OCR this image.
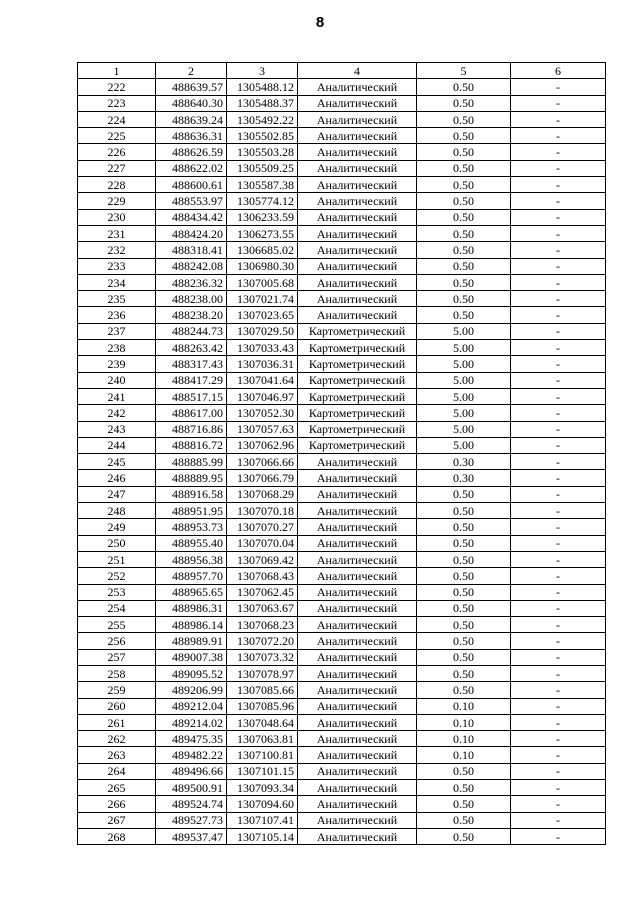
8
1	2	3	4	5	6
222	488639.57	1305488.12	Аналитический	0.50	-
223	488640.30	1305488.37	Аналитический	0.50	-
224	488639.24	1305492.22	Аналитический	0.50	-
225	488636.31	1305502.85	Аналитический	0.50	-
226	488626.59	1305503.28	Аналитический	0.50	-
227	488622.02	1305509.25	Аналитический	0.50	-
228	488600.61	1305587.38	Аналитический	0.50	-
229	488553.97	1305774.12	Аналитический	0.50	-
230	488434.42	1306233.59	Аналитический	0.50	-
231	488424.20	1306273.55	Аналитический	0.50	-
232	488318.41	1306685.02	Аналитический	0.50	-
233	488242.08	1306980.30	Аналитический	0.50	-
234	488236.32	1307005.68	Аналитический	0.50	-
235	488238.00	1307021.74	Аналитический	0.50	-
236	488238.20	1307023.65	Аналитический	0.50	-
237	488244.73	1307029.50	Картометрический	5.00	-
238	488263.42	1307033.43	Картометрический	5.00	-
239	488317.43	1307036.31	Картометрический	5.00	-
240	488417.29	1307041.64	Картометрический	5.00	-
241	488517.15	1307046.97	Картометрический	5.00	-
242	488617.00	1307052.30	Картометрический	5.00	-
243	488716.86	1307057.63	Картометрический	5.00	-
244	488816.72	1307062.96	Картометрический	5.00	-
245	488885.99	1307066.66	Аналитический	0.30	-
246	488889.95	1307066.79	Аналитический	0.30	-
247	488916.58	1307068.29	Аналитический	0.50	-
248	488951.95	1307070.18	Аналитический	0.50	-
249	488953.73	1307070.27	Аналитический	0.50	-
250	488955.40	1307070.04	Аналитический	0.50	-
251	488956.38	1307069.42	Аналитический	0.50	-
252	488957.70	1307068.43	Аналитический	0.50	-
253	488965.65	1307062.45	Аналитический	0.50	-
254	488986.31	1307063.67	Аналитический	0.50	-
255	488986.14	1307068.23	Аналитический	0.50	-
256	488989.91	1307072.20	Аналитический	0.50	-
257	489007.38	1307073.32	Аналитический	0.50	-
258	489095.52	1307078.97	Аналитический	0.50	-
259	489206.99	1307085.66	Аналитический	0.50	-
260	489212.04	1307085.96	Аналитический	0.10	-
261	489214.02	1307048.64	Аналитический	0.10	-
262	489475.35	1307063.81	Аналитический	0.10	-
263	489482.22	1307100.81	Аналитический	0.10	-
264	489496.66	1307101.15	Аналитический	0.50	-
265	489500.91	1307093.34	Аналитический	0.50	-
266	489524.74	1307094.60	Аналитический	0.50	-
267	489527.73	1307107.41	Аналитический	0.50	-
268	489537.47	1307105.14	Аналитический	0.50	-
